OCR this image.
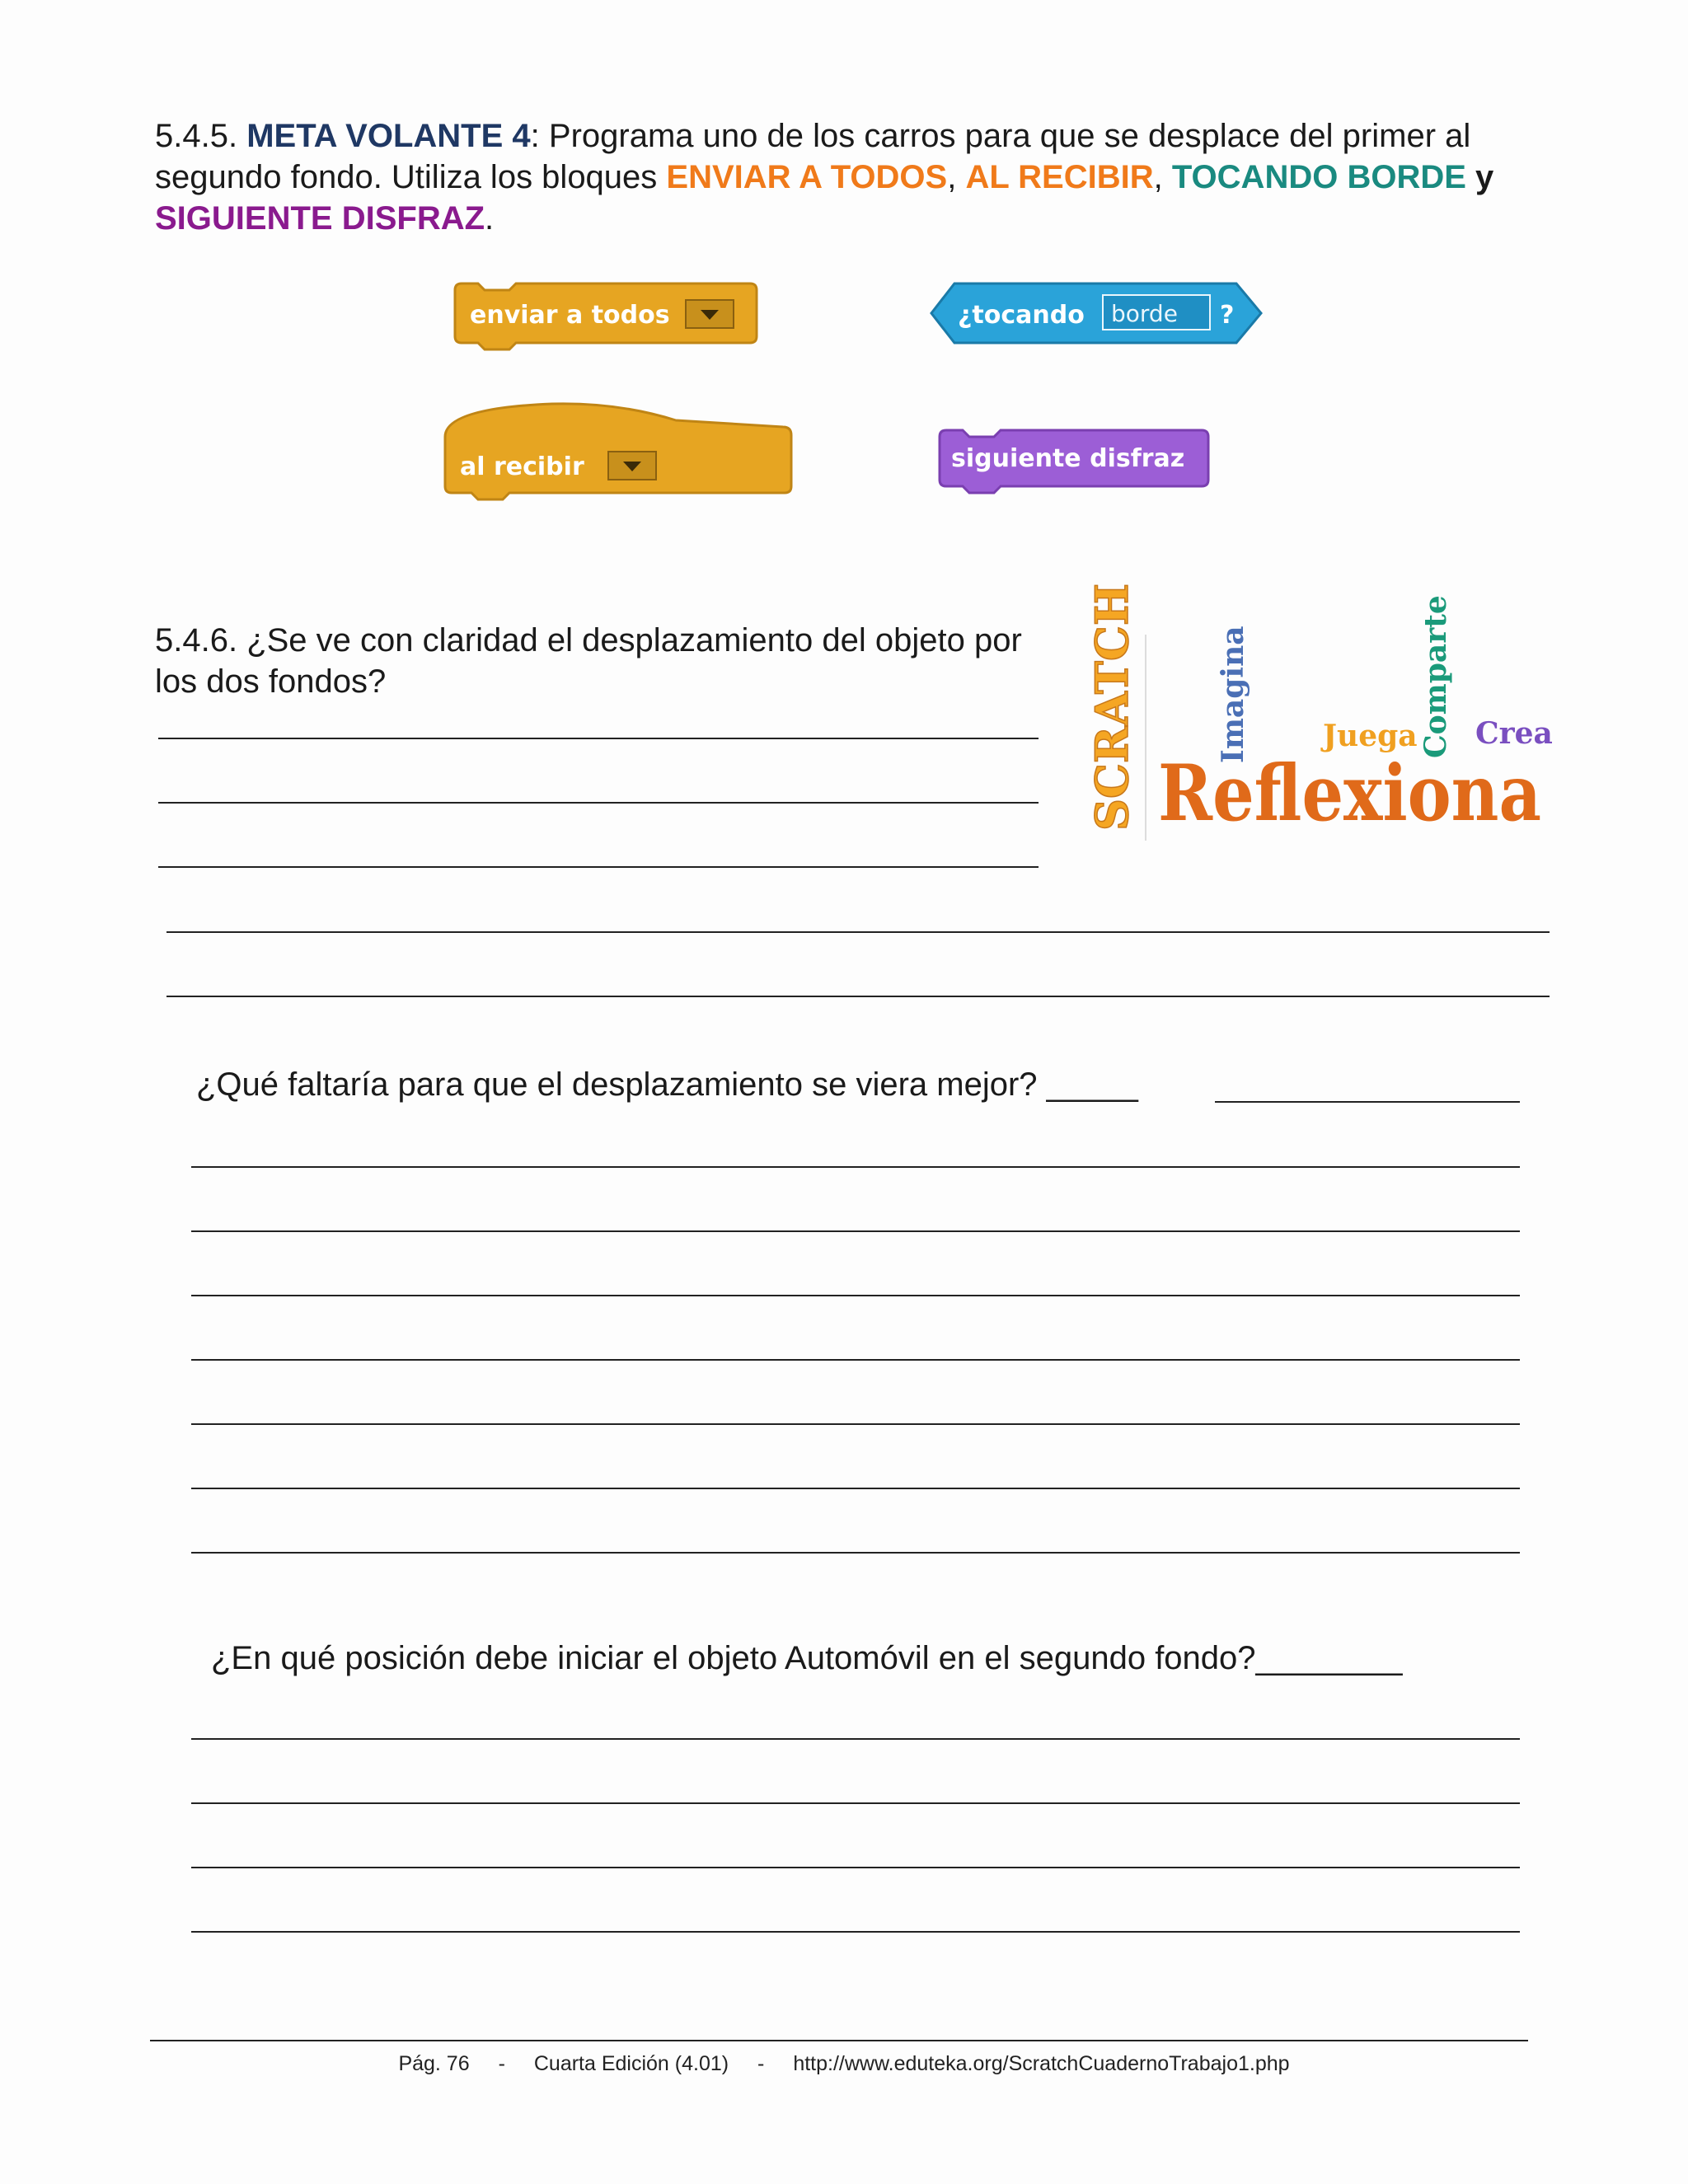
5.4.5. META VOLANTE 4: Programa uno de los carros para que se desplace del primer al segundo fondo. Utiliza los bloques ENVIAR A TODOS, AL RECIBIR, TOCANDO BORDE y SIGUIENTE DISFRAZ.
enviar a todos	¿tocando borde ?
al recibir	siguiente disfraz
5.4.6. ¿Se ve con claridad el desplazamiento del objeto por los dos fondos?	SCRATCH	Imagina Juega Comparte Crea
Reflexiona
¿Qué faltaría para que el desplazamiento se viera mejor? _____
¿En qué posición debe iniciar el objeto Automóvil en el segundo fondo?________
Pág. 76 - Cuarta Edición (4.01) - http://www.eduteka.org/ScratchCuadernoTrabajo1.php
